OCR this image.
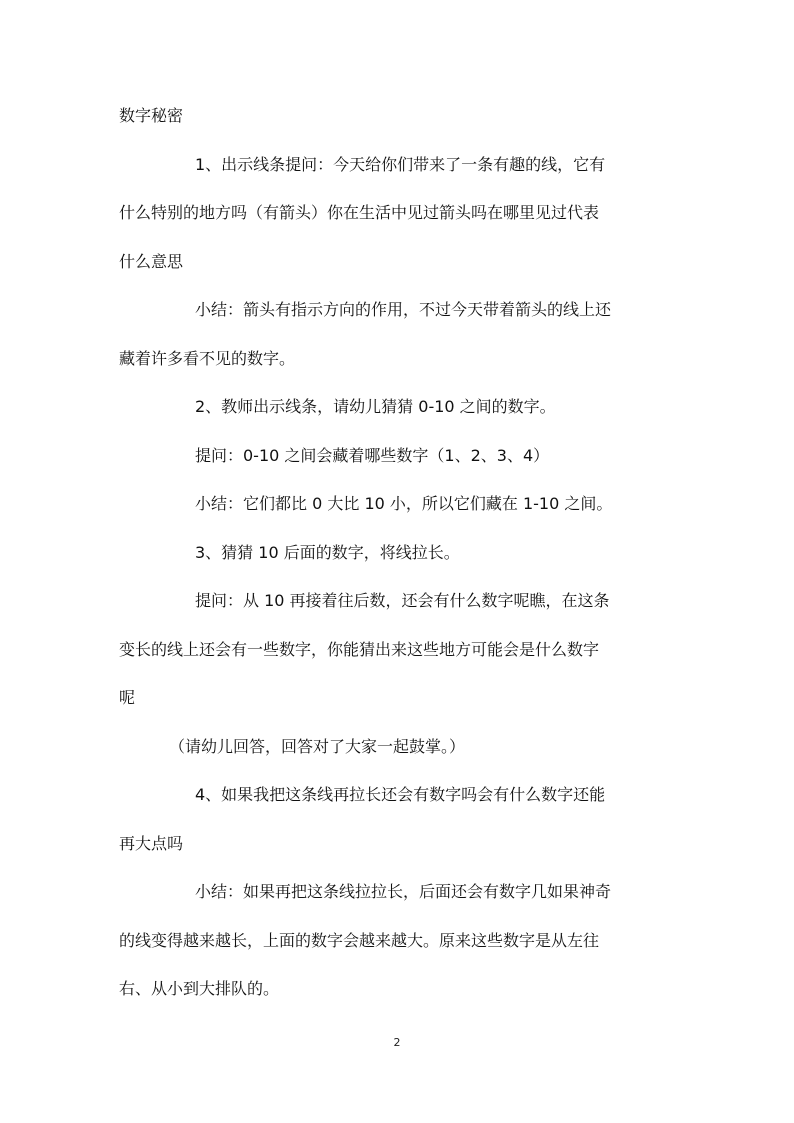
数字秘密
1、出示线条提问：今天给你们带来了一条有趣的线，它有
什么特别的地方吗（有箭头）你在生活中见过箭头吗在哪里见过代表
什么意思
小结：箭头有指示方向的作用，不过今天带着箭头的线上还
藏着许多看不见的数字。
2、教师出示线条，请幼儿猜猜 0-10 之间的数字。
提问：0-10 之间会藏着哪些数字（1、2、3、4）
小结：它们都比 0 大比 10 小，所以它们藏在 1-10 之间。
3、猜猜 10 后面的数字，将线拉长。
提问：从 10 再接着往后数，还会有什么数字呢瞧，在这条
变长的线上还会有一些数字，你能猜出来这些地方可能会是什么数字
呢
（请幼儿回答，回答对了大家一起鼓掌。）
4、如果我把这条线再拉长还会有数字吗会有什么数字还能
再大点吗
小结：如果再把这条线拉拉长，后面还会有数字几如果神奇
的线变得越来越长，上面的数字会越来越大。原来这些数字是从左往
右、从小到大排队的。
2
